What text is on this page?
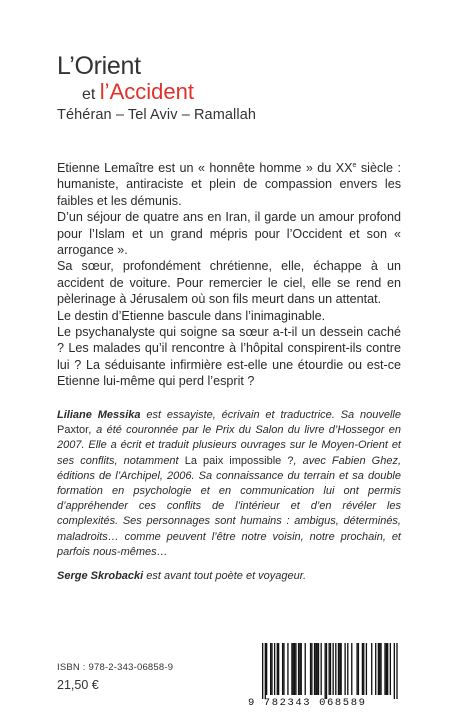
L’Orient
et l’Accident
Téhéran – Tel Aviv – Ramallah

Etienne Lemaître est un « honnête homme » du XXe siècle : humaniste, antiraciste et plein de compassion envers les faibles et les démunis.

D’un séjour de quatre ans en Iran, il garde un amour profond pour l’Islam et un grand mépris pour l’Occident et son « arrogance ».

Sa sœur, profondément chrétienne, elle, échappe à un accident de voiture. Pour remercier le ciel, elle se rend en pèlerinage à Jérusalem où son fils meurt dans un attentat.

Le destin d’Etienne bascule dans l’inimaginable.

Le psychanalyste qui soigne sa sœur a-t-il un dessein caché ? Les malades qu’il rencontre à l’hôpital conspirent-ils contre lui ? La séduisante infirmière est-elle une étourdie ou est-ce Etienne lui-même qui perd l’esprit ?

Liliane Messika est essayiste, écrivain et traductrice. Sa nouvelle Paxtor, a été couronnée par le Prix du Salon du livre d’Hossegor en 2007. Elle a écrit et traduit plusieurs ouvrages sur le Moyen-Orient et ses conflits, notamment La paix impossible ?, avec Fabien Ghez, éditions de l’Archipel, 2006. Sa connaissance du terrain et sa double formation en psychologie et en communication lui ont permis d’appréhender ces conflits de l’intérieur et d’en révéler les complexités. Ses personnages sont humains : ambigus, déterminés, maladroits… comme peuvent l’être notre voisin, notre prochain, et parfois nous-mêmes…

Serge Skrobacki est avant tout poète et voyageur.

ISBN : 978-2-343-06858-9
21,50 €
9 782343 068589
